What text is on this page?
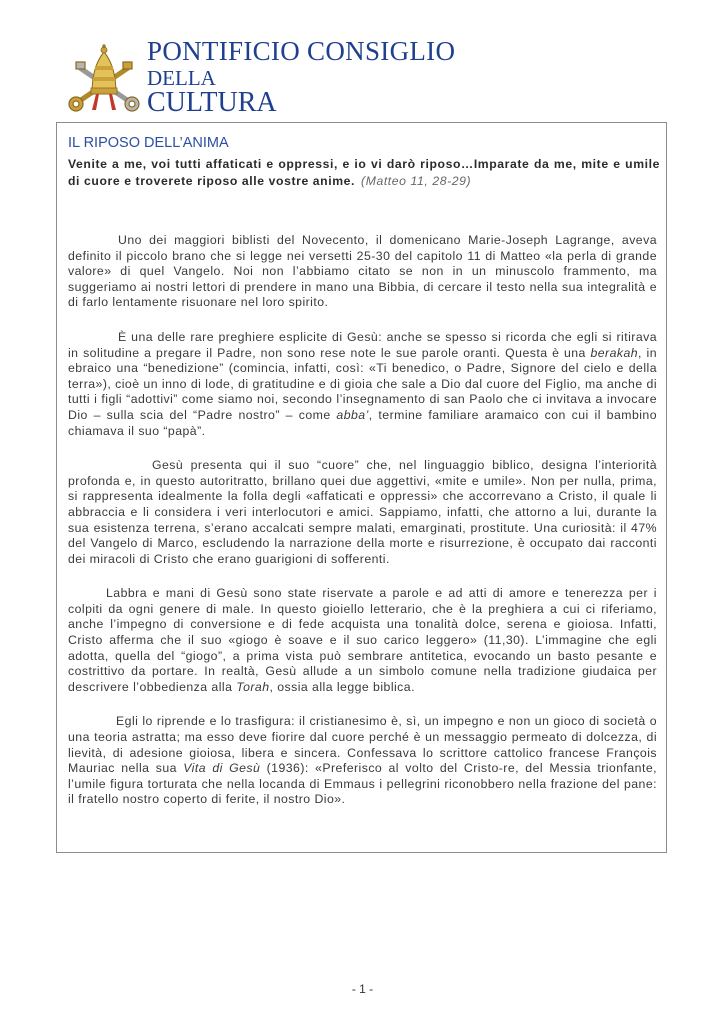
PONTIFICIO CONSIGLIO
DELLA
CULTURA
IL RIPOSO DELL’ANIMA
Venite a me, voi tutti affaticati e oppressi, e io vi darò riposo…Imparate da me, mite e umile di cuore e troverete riposo alle vostre anime. (Matteo 11, 28-29)

Uno dei maggiori biblisti del Novecento, il domenicano Marie-Joseph Lagrange, aveva definito il piccolo brano che si legge nei versetti 25-30 del capitolo 11 di Matteo «la perla di grande valore» di quel Vangelo. Noi non l’abbiamo citato se non in un minuscolo frammento, ma suggeriamo ai nostri lettori di prendere in mano una Bibbia, di cercare il testo nella sua integralità e di farlo lentamente risuonare nel loro spirito.

È una delle rare preghiere esplicite di Gesù: anche se spesso si ricorda che egli si ritirava in solitudine a pregare il Padre, non sono rese note le sue parole oranti. Questa è una berakah, in ebraico una “benedizione” (comincia, infatti, così: «Ti benedico, o Padre, Signore del cielo e della terra»), cioè un inno di lode, di gratitudine e di gioia che sale a Dio dal cuore del Figlio, ma anche di tutti i figli “adottivi” come siamo noi, secondo l’insegnamento di san Paolo che ci invitava a invocare Dio – sulla scia del “Padre nostro” – come abba’, termine familiare aramaico con cui il bambino chiamava il suo “papà”.

Gesù presenta qui il suo “cuore” che, nel linguaggio biblico, designa l’interiorità profonda e, in questo autoritratto, brillano quei due aggettivi, «mite e umile». Non per nulla, prima, si rappresenta idealmente la folla degli «affaticati e oppressi» che accorrevano a Cristo, il quale li abbraccia e li considera i veri interlocutori e amici. Sappiamo, infatti, che attorno a lui, durante la sua esistenza terrena, s’erano accalcati sempre malati, emarginati, prostitute. Una curiosità: il 47% del Vangelo di Marco, escludendo la narrazione della morte e risurrezione, è occupato dai racconti dei miracoli di Cristo che erano guarigioni di sofferenti.

Labbra e mani di Gesù sono state riservate a parole e ad atti di amore e tenerezza per i colpiti da ogni genere di male. In questo gioiello letterario, che è la preghiera a cui ci riferiamo, anche l’impegno di conversione e di fede acquista una tonalità dolce, serena e gioiosa. Infatti, Cristo afferma che il suo «giogo è soave e il suo carico leggero» (11,30). L’immagine che egli adotta, quella del “giogo”, a prima vista può sembrare antitetica, evocando un basto pesante e costrittivo da portare. In realtà, Gesù allude a un simbolo comune nella tradizione giudaica per descrivere l’obbedienza alla Torah, ossia alla legge biblica.

Egli lo riprende e lo trasfigura: il cristianesimo è, sì, un impegno e non un gioco di società o una teoria astratta; ma esso deve fiorire dal cuore perché è un messaggio permeato di dolcezza, di lievità, di adesione gioiosa, libera e sincera. Confessava lo scrittore cattolico francese François Mauriac nella sua Vita di Gesù (1936): «Preferisco al volto del Cristo-re, del Messia trionfante, l’umile figura torturata che nella locanda di Emmaus i pellegrini riconobbero nella frazione del pane: il fratello nostro coperto di ferite, il nostro Dio».

- 1 -
